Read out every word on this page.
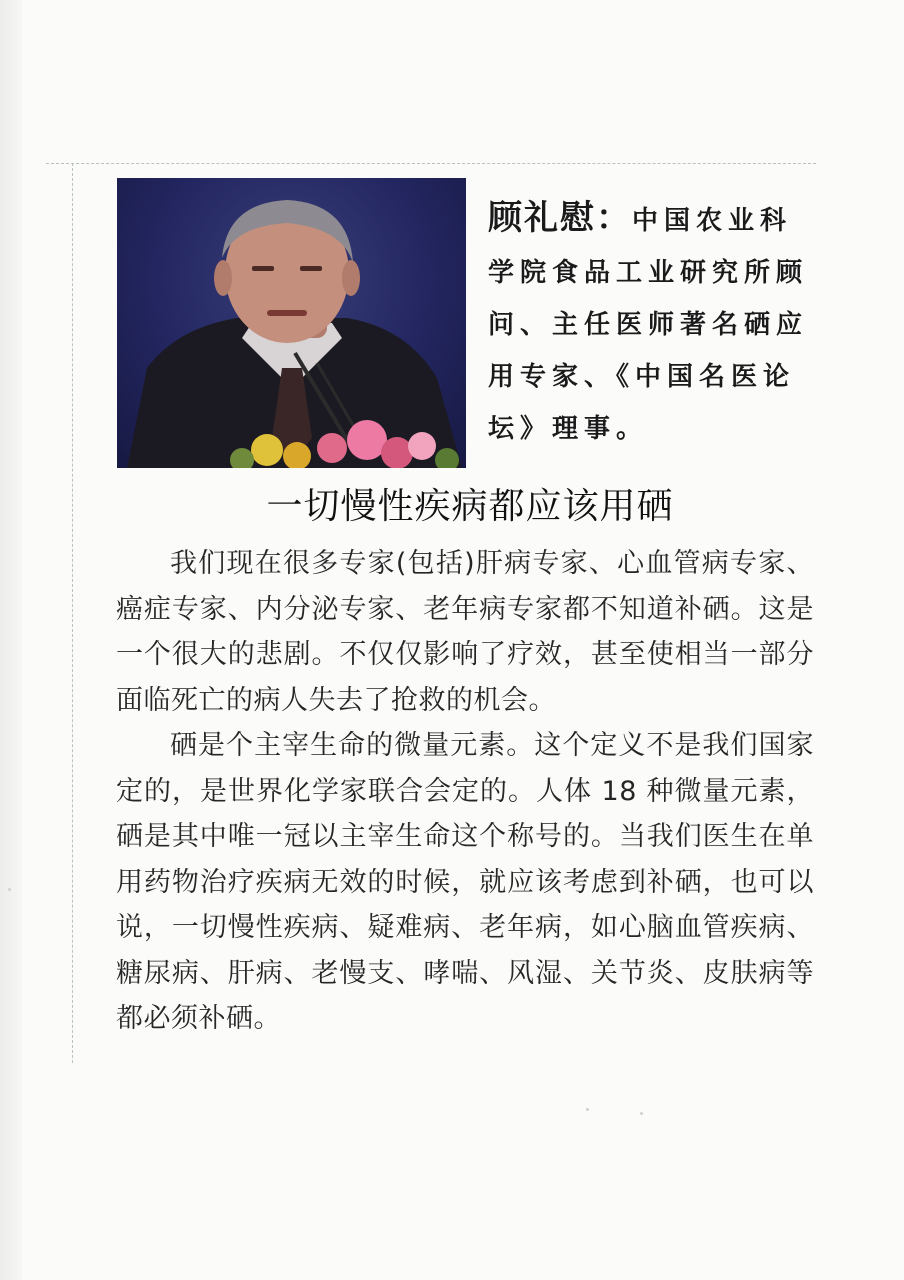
顾礼慰：中国农业科学院食品工业研究所顾问、主任医师著名硒应用专家、《中国名医论坛》理事。
一切慢性疾病都应该用硒

我们现在很多专家(包括)肝病专家、心血管病专家、癌症专家、内分泌专家、老年病专家都不知道补硒。这是一个很大的悲剧。不仅仅影响了疗效，甚至使相当一部分面临死亡的病人失去了抢救的机会。

硒是个主宰生命的微量元素。这个定义不是我们国家定的，是世界化学家联合会定的。人体 18 种微量元素，硒是其中唯一冠以主宰生命这个称号的。当我们医生在单用药物治疗疾病无效的时候，就应该考虑到补硒，也可以说，一切慢性疾病、疑难病、老年病，如心脑血管疾病、糖尿病、肝病、老慢支、哮喘、风湿、关节炎、皮肤病等都必须补硒。
